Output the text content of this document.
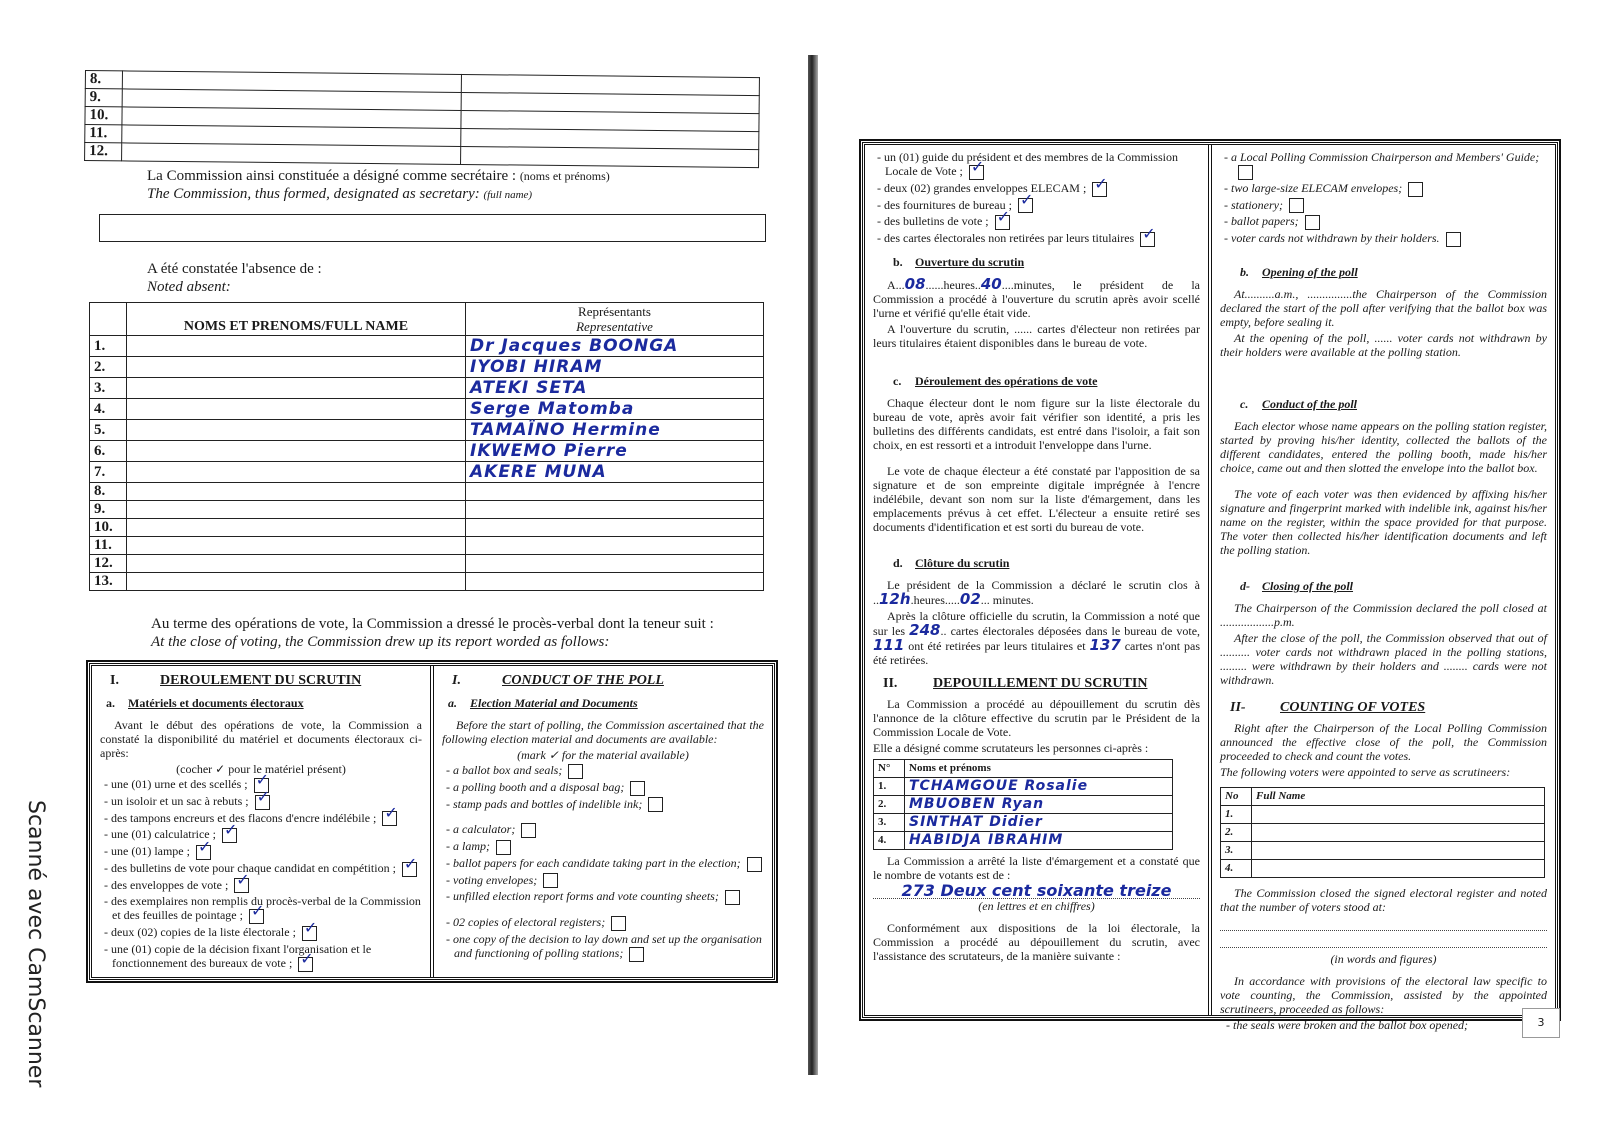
Scanné avec CamScanner
8.		
9.		
10.		
11.		
12.		
La Commission ainsi constituée a désigné comme secrétaire : (noms et prénoms)
The Commission, thus formed, designated as secretary: (full name)
A été constatée l'absence de :
Noted absent:
	NOMS ET PRENOMS/FULL NAME	Représentants
Representative

1.		Dr Jacques BOONGA
2.		IYOBI HIRAM
3.		ATEKI SETA
4.		Serge Matomba
5.		TAMAÏNO Hermine
6.		IKWEMO Pierre
7.		AKERE MUNA
8.		
9.		
10.		
11.		
12.		
13.		
Au terme des opérations de vote, la Commission a dressé le procès-verbal dont la teneur suit :
At the close of voting, the Commission drew up its report worded as follows:
I.	DEROULEMENT DU SCRUTIN
a. Matériels et documents électoraux

Avant le début des opérations de vote, la Commission a constaté la disponibilité du matériel et documents électoraux ci-après:

(cocher ✓ pour le matériel présent)
- une (01) urne et des scellés ;✓
- un isoloir et un sac à rebuts ;✓
- des tampons encreurs et des flacons d'encre indélébile ;✓
- une (01) calculatrice ;✓
- une (01) lampe ;✓
- des bulletins de vote pour chaque candidat en compétition ;✓
- des enveloppes de vote ;✓
- des exemplaires non remplis du procès-verbal de la Commission et des feuilles de pointage ;✓
- deux (02) copies de la liste électorale ;✓
- une (01) copie de la décision fixant l'organisation et le fonctionnement des bureaux de vote ;✓
I.	CONDUCT OF THE POLL
a. Election Material and Documents

Before the start of polling, the Commission ascertained that the following election material and documents are available:

(mark ✓ for the material available)
- a ballot box and seals;
- a polling booth and a disposal bag;
- stamp pads and bottles of indelible ink;
- a calculator;
- a lamp;
- ballot papers for each candidate taking part in the election;
- voting envelopes;
- unfilled election report forms and vote counting sheets;
- 02 copies of electoral registers;
- one copy of the decision to lay down and set up the organisation and functioning of polling stations;
- un (01) guide du président et des membres de la Commission Locale de Vote ;✓
- deux (02) grandes enveloppes ELECAM ;✓
- des fournitures de bureau ;✓
- des bulletins de vote ;✓
- des cartes électorales non retirées par leurs titulaires✓
b. Ouverture du scrutin

A...08......heures..40....minutes, le président de la Commission a procédé à l'ouverture du scrutin après avoir scellé l'urne et vérifié qu'elle était vide.

A l'ouverture du scrutin, ...... cartes d'électeur non retirées par leurs titulaires étaient disponibles dans le bureau de vote.

c. Déroulement des opérations de vote

Chaque électeur dont le nom figure sur la liste électorale du bureau de vote, après avoir fait vérifier son identité, a pris les bulletins des différents candidats, est entré dans l'isoloir, a fait son choix, en est ressorti et a introduit l'enveloppe dans l'urne.

Le vote de chaque électeur a été constaté par l'apposition de sa signature et de son empreinte digitale imprégnée à l'encre indélébile, devant son nom sur la liste d'émargement, dans les emplacements prévus à cet effet. L'électeur a ensuite retiré ses documents d'identification et est sorti du bureau de vote.

d. Clôture du scrutin

Le président de la Commission a déclaré le scrutin clos à ..12h.heures.....02... minutes.

Après la clôture officielle du scrutin, la Commission a noté que sur les 248.. cartes électorales déposées dans le bureau de vote, 111 ont été retirées par leurs titulaires et 137 cartes n'ont pas été retirées.

II.	DEPOUILLEMENT DU SCRUTIN

La Commission a procédé au dépouillement du scrutin dès l'annonce de la clôture effective du scrutin par le Président de la Commission Locale de Vote.

Elle a désigné comme scrutateurs les personnes ci-après :

N°	Noms et prénoms
1.	TCHAMGOUE Rosalie
2.	MBUOBEN Ryan
3.	SINTHAT Didier
4.	HABIDJA IBRAHIM

La Commission a arrêté la liste d'émargement et a constaté que le nombre de votants est de :

273 Deux cent soixante treize
(en lettres et en chiffres)

Conformément aux dispositions de la loi électorale, la Commission a procédé au dépouillement du scrutin, avec l'assistance des scrutateurs, de la manière suivante :

- a Local Polling Commission Chairperson and Members' Guide;
- two large-size ELECAM envelopes;
- stationery;
- ballot papers;
- voter cards not withdrawn by their holders.
b. Opening of the poll

At..........a.m., ...............the Chairperson of the Commission declared the start of the poll after verifying that the ballot box was empty, before sealing it.

At the opening of the poll, ...... voter cards not withdrawn by their holders were available at the polling station.

c. Conduct of the poll

Each elector whose name appears on the polling station register, started by proving his/her identity, collected the ballots of the different candidates, entered the polling booth, made his/her choice, came out and then slotted the envelope into the ballot box.

The vote of each voter was then evidenced by affixing his/her signature and fingerprint marked with indelible ink, against his/her name on the register, within the space provided for that purpose. The voter then collected his/her identification documents and left the polling station.

d- Closing of the poll

The Chairperson of the Commission declared the poll closed at ..................p.m.

After the close of the poll, the Commission observed that out of .......... voter cards not withdrawn placed in the polling stations, ......... were withdrawn by their holders and ........ cards were not withdrawn.

II- COUNTING OF VOTES

Right after the Chairperson of the Local Polling Commission announced the effective close of the poll, the Commission proceeded to check and count the votes.

The following voters were appointed to serve as scrutineers:

No	Full Name
1.	
2.	
3.	
4.	

The Commission closed the signed electoral register and noted that the number of voters stood at:

(in words and figures)

In accordance with provisions of the electoral law specific to vote counting, the Commission, assisted by the appointed scrutineers, proceeded as follows:

- the seals were broken and the ballot box opened;	3
